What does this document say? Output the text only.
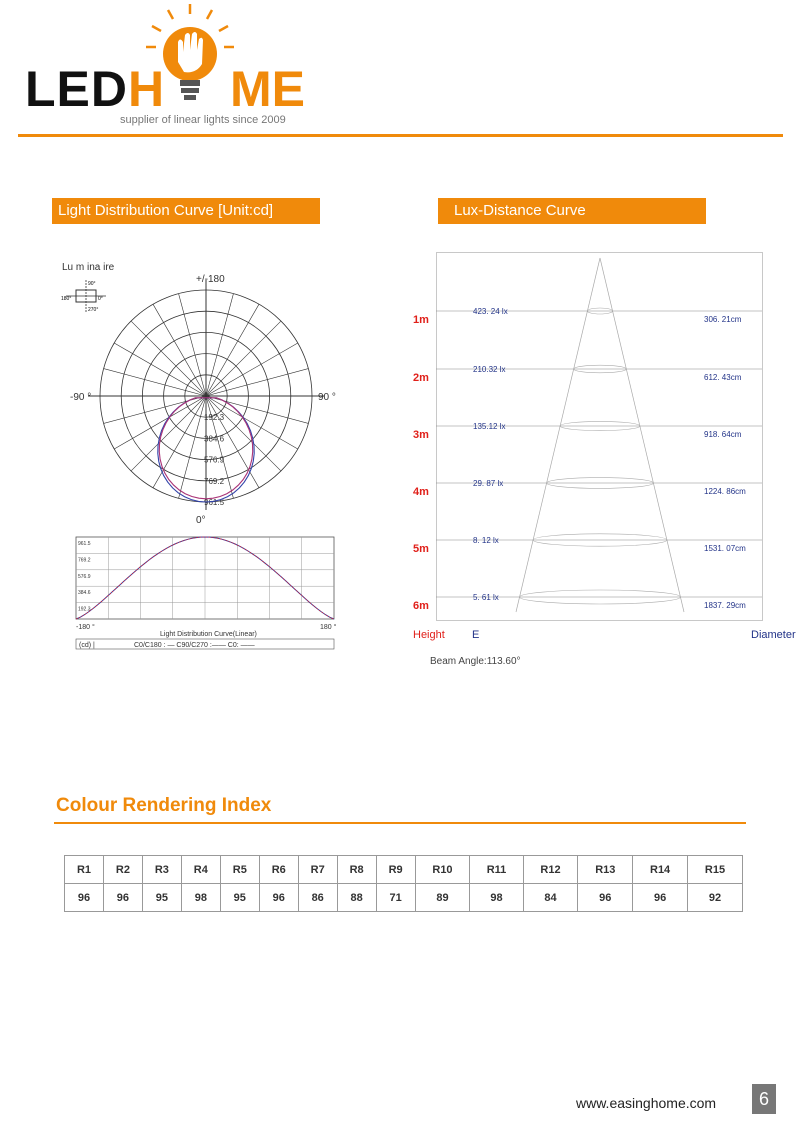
LED H ME
supplier of linear lights since 2009
Light Distribution Curve [Unit:cd]	Lux-Distance Curve
Lu m ina ire
90°
180°	0°
270°
192.3
384.6
576.9
769.2
961.5
+/-180
-90 °	90 °
0°
961.5
769.2
576.9
384.6
192.3
-180 °	180 °
Light Distribution Curve(Linear)
(cd) |	C0/C180 : — C90/C270 :—— C0: ——
1m
423. 24 lx
306. 21cm
2m
210.32 lx
612. 43cm
3m
135.12 lx
918. 64cm
4m
29. 87 lx
1224. 86cm
5m
8. 12 lx
1531. 07cm
6m
5. 61 lx
1837. 29cm
Height E	Diameter
Beam Angle:113.60°
Colour Rendering Index
R1	R2	R3	R4	R5	R6	R7	R8	R9	R10	R11	R12	R13	R14	R15
96	96	95	98	95	96	86	88	71	89	98	84	96	96	92
www.easinghome.com	6
